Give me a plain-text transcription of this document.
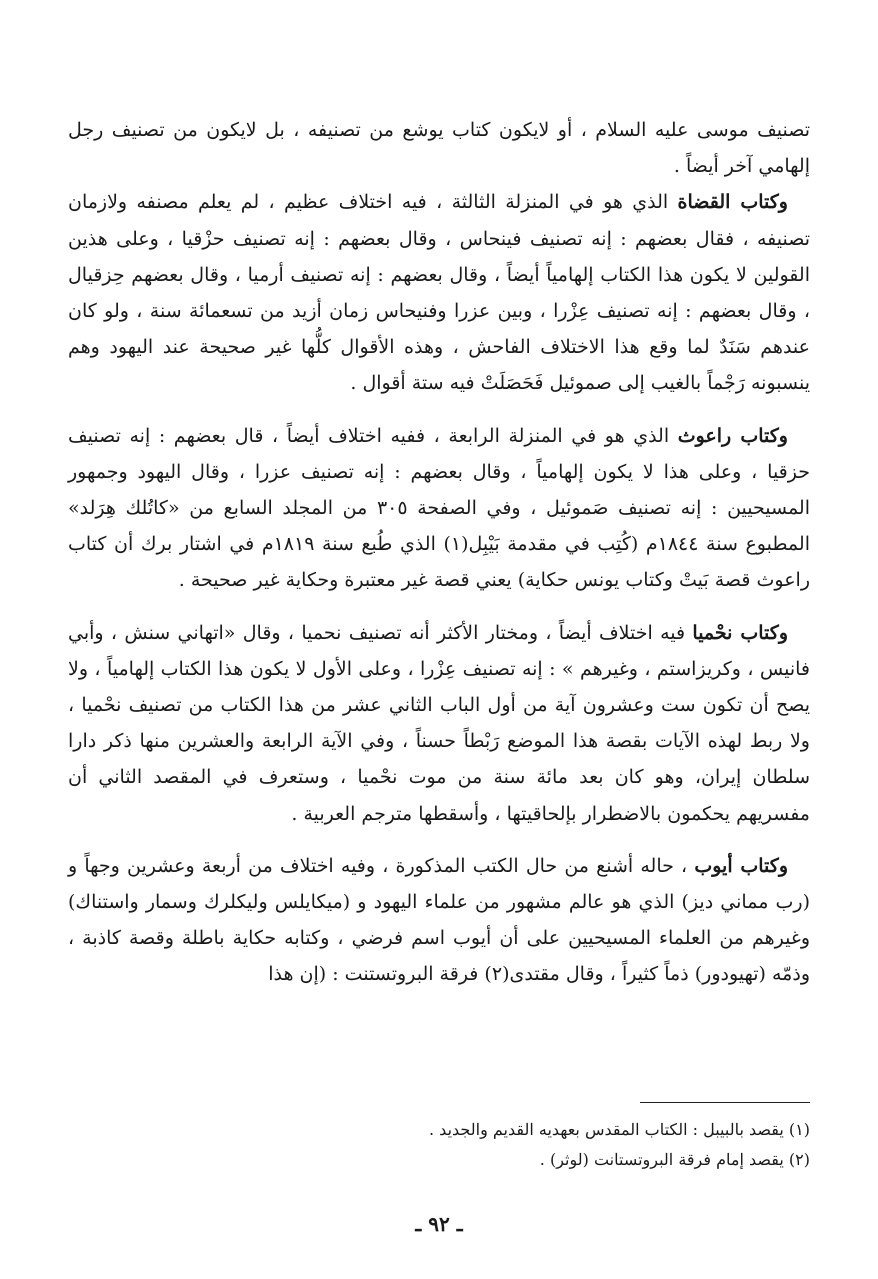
تصنيف موسى عليه السلام ، أو لايكون كتاب يوشع من تصنيفه ، بل لايكون من تصنيف رجل إلهامي آخر أيضاً .

وكتاب القضاة الذي هو في المنزلة الثالثة ، فيه اختلاف عظيم ، لم يعلم مصنفه ولازمان تصنيفه ، فقال بعضهم : إنه تصنيف فينحاس ، وقال بعضهم : إنه تصنيف حزْقيا ، وعلى هذين القولين لا يكون هذا الكتاب إلهامياً أيضاً ، وقال بعضهم : إنه تصنيف أرميا ، وقال بعضهم حِزقيال ، وقال بعضهم : إنه تصنيف عِزْرا ، وبين عزرا وفنيحاس زمان أزيد من تسعمائة سنة ، ولو كان عندهم سَنَدٌ لما وقع هذا الاختلاف الفاحش ، وهذه الأقوال كلُّها غير صحيحة عند اليهود وهم ينسبونه رَجْماً بالغيب إلى صموئيل فَحَصَلَتْ فيه ستة أقوال .

وكتاب راعوث الذي هو في المنزلة الرابعة ، ففيه اختلاف أيضاً ، قال بعضهم : إنه تصنيف حزقيا ، وعلى هذا لا يكون إلهامياً ، وقال بعضهم : إنه تصنيف عزرا ، وقال اليهود وجمهور المسيحيين : إنه تصنيف صَموئيل ، وفي الصفحة ٣٠٥ من المجلد السابع من «كاتُلك هِرَلد» المطبوع سنة ١٨٤٤م (كُتِب في مقدمة بَيْبِل(١) الذي طُبع سنة ١٨١٩م في اشتار برك أن كتاب راعوث قصة بَيتْ وكتاب يونس حكاية) يعني قصة غير معتبرة وحكاية غير صحيحة .

وكتاب نحْميا فيه اختلاف أيضاً ، ومختار الأكثر أنه تصنيف نحميا ، وقال «اتهاني سنش ، وأبي فانيس ، وكريزاستم ، وغيرهم » : إنه تصنيف عِزْرا ، وعلى الأول لا يكون هذا الكتاب إلهامياً ، ولا يصح أن تكون ست وعشرون آية من أول الباب الثاني عشر من هذا الكتاب من تصنيف نحْميا ، ولا ربط لهذه الآيات بقصة هذا الموضع رَبْطاً حسناً ، وفي الآية الرابعة والعشرين منها ذكر دارا سلطان إيران، وهو كان بعد مائة سنة من موت نحْميا ، وستعرف في المقصد الثاني أن مفسريهم يحكمون بالاضطرار بإلحاقيتها ، وأسقطها مترجم العربية .

وكتاب أيوب ، حاله أشنع من حال الكتب المذكورة ، وفيه اختلاف من أربعة وعشرين وجهاً و (رب مماني ديز) الذي هو عالم مشهور من علماء اليهود و (ميكايلس وليكلرك وسمار واستناك) وغيرهم من العلماء المسيحيين على أن أيوب اسم فرضي ، وكتابه حكاية باطلة وقصة كاذبة ، وذمّه (تهيودور) ذماً كثيراً ، وقال مقتدى(٢) فرقة البروتستنت : (إن هذا

(١) يقصد بالبيبل : الكتاب المقدس بعهديه القديم والجديد .

(٢) يقصد إمام فرقة البروتستانت (لوثر) .

ـ ٩٢ ـ
